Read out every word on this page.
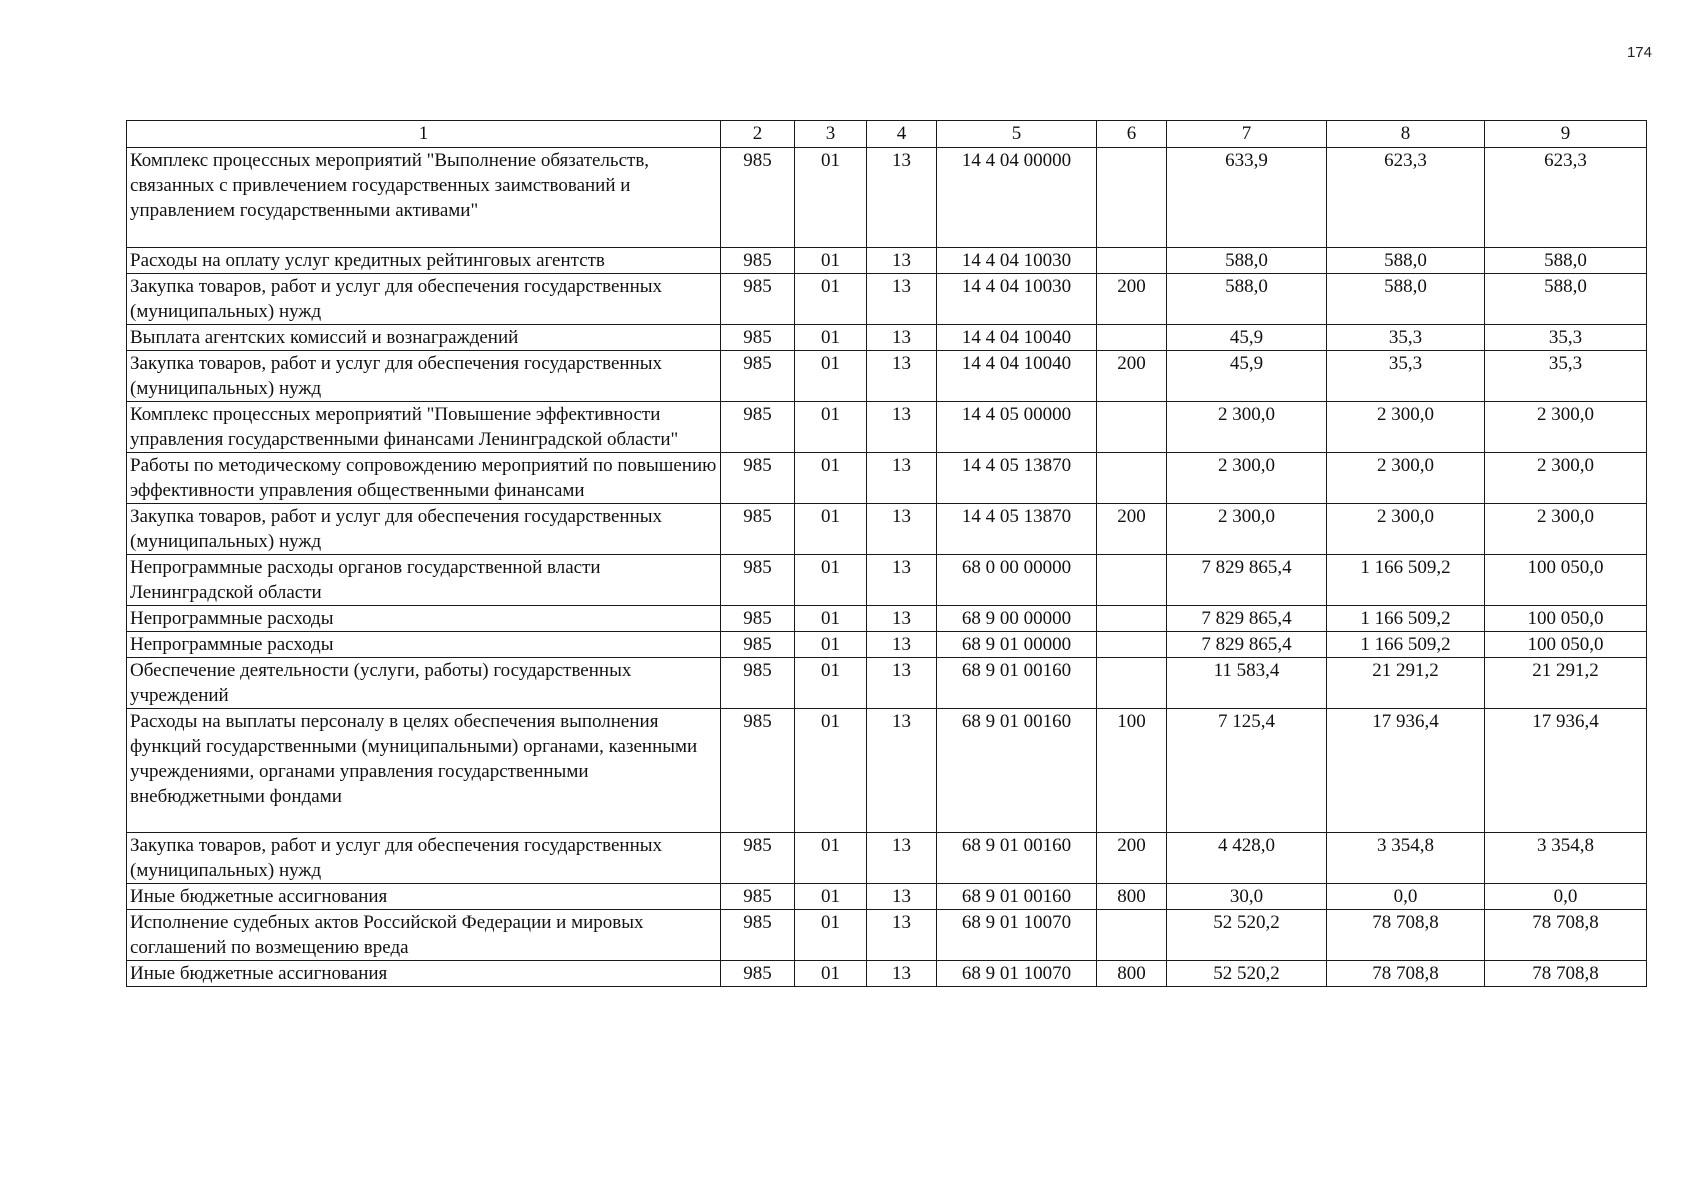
174
1	2	3	4	5	6	7	8	9
Комплекс процессных мероприятий "Выполнение обязательств, связанных с привлечением государственных заимствований и управлением государственными активами"	985	01	13	14 4 04 00000		633,9	623,3	623,3
Расходы на оплату услуг кредитных рейтинговых агентств	985	01	13	14 4 04 10030		588,0	588,0	588,0
Закупка товаров, работ и услуг для обеспечения государственных (муниципальных) нужд	985	01	13	14 4 04 10030	200	588,0	588,0	588,0
Выплата агентских комиссий и вознаграждений	985	01	13	14 4 04 10040		45,9	35,3	35,3
Закупка товаров, работ и услуг для обеспечения государственных (муниципальных) нужд	985	01	13	14 4 04 10040	200	45,9	35,3	35,3
Комплекс процессных мероприятий "Повышение эффективности управления государственными финансами Ленинградской области"	985	01	13	14 4 05 00000		2 300,0	2 300,0	2 300,0
Работы по методическому сопровождению мероприятий по повышению эффективности управления общественными финансами	985	01	13	14 4 05 13870		2 300,0	2 300,0	2 300,0
Закупка товаров, работ и услуг для обеспечения государственных (муниципальных) нужд	985	01	13	14 4 05 13870	200	2 300,0	2 300,0	2 300,0
Непрограммные расходы органов государственной власти Ленинградской области	985	01	13	68 0 00 00000		7 829 865,4	1 166 509,2	100 050,0
Непрограммные расходы	985	01	13	68 9 00 00000		7 829 865,4	1 166 509,2	100 050,0
Непрограммные расходы	985	01	13	68 9 01 00000		7 829 865,4	1 166 509,2	100 050,0
Обеспечение деятельности (услуги, работы) государственных учреждений	985	01	13	68 9 01 00160		11 583,4	21 291,2	21 291,2
Расходы на выплаты персоналу в целях обеспечения выполнения функций государственными (муниципальными) органами, казенными учреждениями, органами управления государственными внебюджетными фондами	985	01	13	68 9 01 00160	100	7 125,4	17 936,4	17 936,4
Закупка товаров, работ и услуг для обеспечения государственных (муниципальных) нужд	985	01	13	68 9 01 00160	200	4 428,0	3 354,8	3 354,8
Иные бюджетные ассигнования	985	01	13	68 9 01 00160	800	30,0	0,0	0,0
Исполнение судебных актов Российской Федерации и мировых соглашений по возмещению вреда	985	01	13	68 9 01 10070		52 520,2	78 708,8	78 708,8
Иные бюджетные ассигнования	985	01	13	68 9 01 10070	800	52 520,2	78 708,8	78 708,8
